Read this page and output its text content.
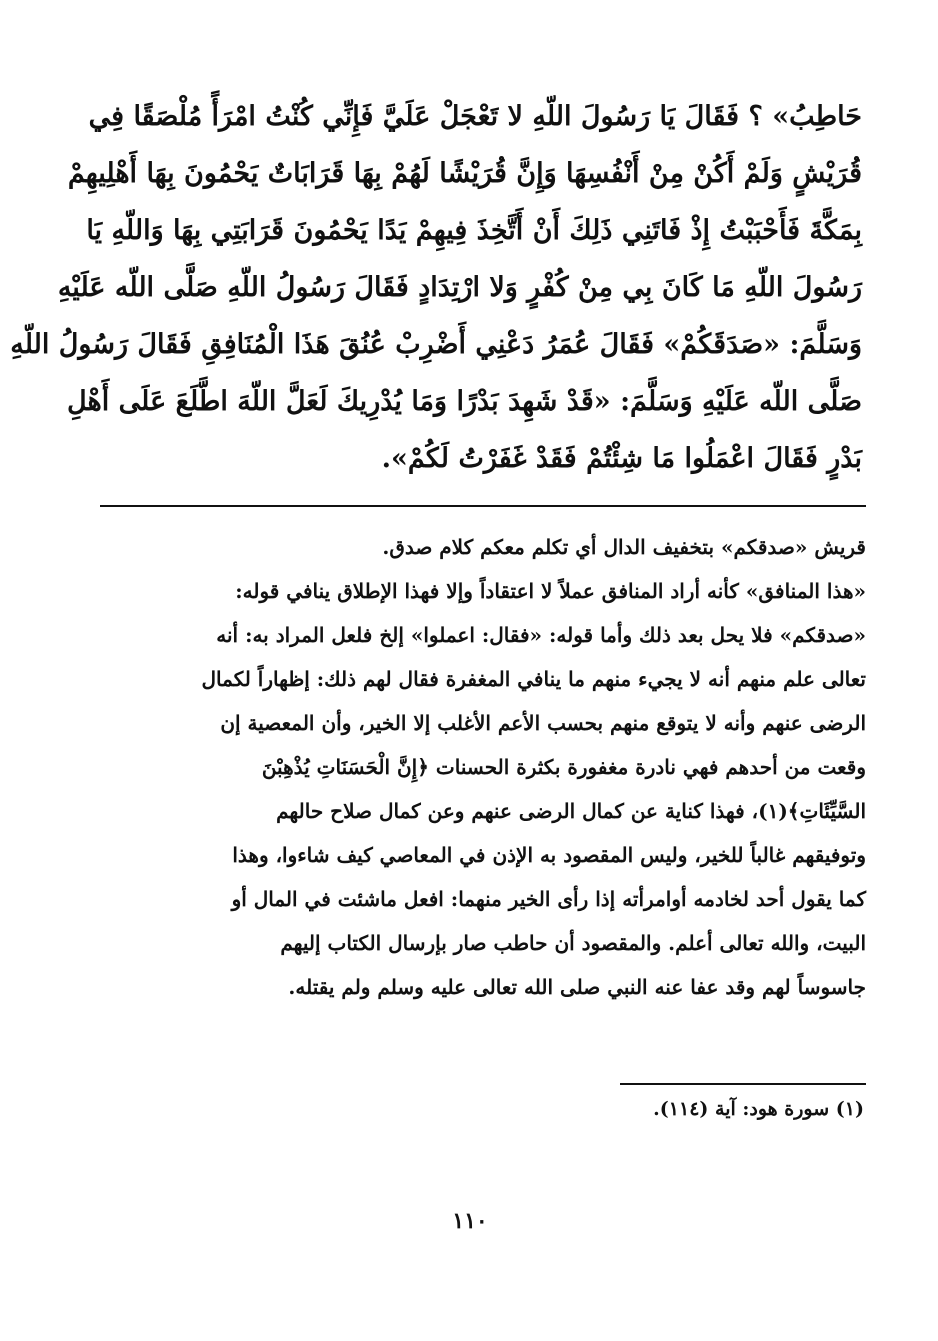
حَاطِبُ» ؟ فَقَالَ يَا رَسُولَ اللّهِ لا تَعْجَلْ عَلَيَّ فَإِنِّي كُنْتُ امْرَأً مُلْصَقًا فِي

قُرَيْشٍ وَلَمْ أَكُنْ مِنْ أَنْفُسِهَا وَإِنَّ قُرَيْشًا لَهُمْ بِهَا قَرَابَاتٌ يَحْمُونَ بِهَا أَهْلِيهِمْ

بِمَكَّةَ فَأَحْبَبْتُ إِذْ فَاتَنِي ذَلِكَ أَنْ أَتَّخِذَ فِيهِمْ يَدًا يَحْمُونَ قَرَابَتِي بِهَا وَاللّهِ يَا

رَسُولَ اللّهِ مَا كَانَ بِي مِنْ كُفْرٍ وَلا ارْتِدَادٍ فَقَالَ رَسُولُ اللّهِ صَلَّى اللّه عَلَيْهِ

وَسَلَّمَ: «صَدَقَكُمْ» فَقَالَ عُمَرُ دَعْنِي أَضْرِبْ عُنُقَ هَذَا الْمُنَافِقِ فَقَالَ رَسُولُ اللّهِ

صَلَّى اللّه عَلَيْهِ وَسَلَّمَ: «قَدْ شَهِدَ بَدْرًا وَمَا يُدْرِيكَ لَعَلَّ اللّهَ اطَّلَعَ عَلَى أَهْلِ

بَدْرٍ فَقَالَ اعْمَلُوا مَا شِئْتُمْ فَقَدْ غَفَرْتُ لَكُمْ».

قريش «صدقكم» بتخفيف الدال أي تكلم معكم كلام صدق.

«هذا المنافق» كأنه أراد المنافق عملاً لا اعتقاداً وإلا فهذا الإطلاق ينافي قوله:

«صدقكم» فلا يحل بعد ذلك وأما قوله: «فقال: اعملوا» إلخ فلعل المراد به: أنه

تعالى علم منهم أنه لا يجيء منهم ما ينافي المغفرة فقال لهم ذلك: إظهاراً لكمال

الرضى عنهم وأنه لا يتوقع منهم بحسب الأعم الأغلب إلا الخير، وأن المعصية إن

وقعت من أحدهم فهي نادرة مغفورة بكثرة الحسنات ﴿إِنَّ الْحَسَنَاتِ يُذْهِبْنَ

السَّيِّئَاتِ﴾(١)، فهذا كناية عن كمال الرضى عنهم وعن كمال صلاح حالهم

وتوفيقهم غالباً للخير، وليس المقصود به الإذن في المعاصي كيف شاءوا، وهذا

كما يقول أحد لخادمه أوامرأته إذا رأى الخير منهما: افعل ماشئت في المال أو

البيت، والله تعالى أعلم. والمقصود أن حاطب صار بإرسال الكتاب إليهم

جاسوساً لهم وقد عفا عنه النبي صلى الله تعالى عليه وسلم ولم يقتله.

(١) سورة هود: آية (١١٤).
١١٠
